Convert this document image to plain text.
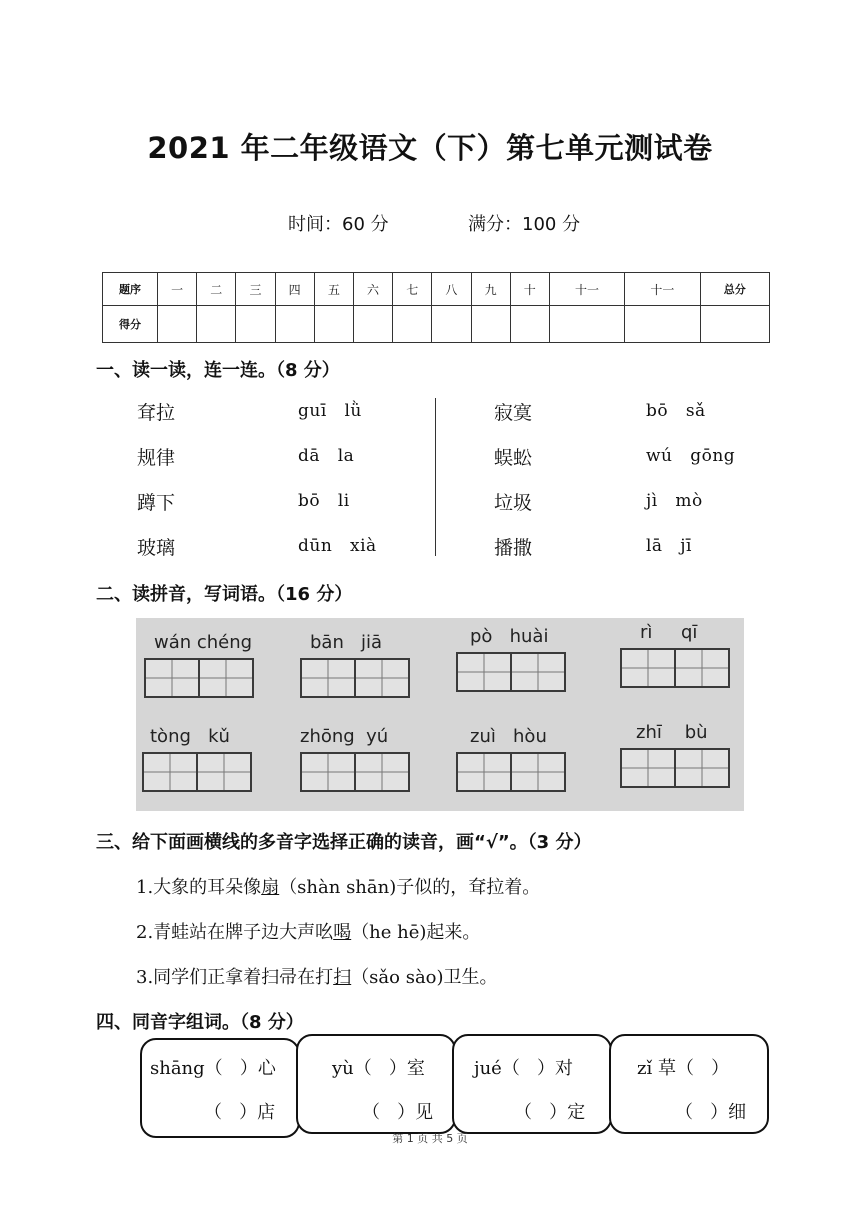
2021 年二年级语文（下）第七单元测试卷
时间：60 分	满分：100 分
题序	一	二	三	四	五	六	七	八	九	十	十一	十一	总分
得分													
一、读一读，连一连。（8 分）
耷拉	guī   lǜ
规律	dā   la
蹲下	bō   li
玻璃	dūn   xià
寂寞	bō   sǎ
蜈蚣	wú   gōng
垃圾	jì   mò
播撒	lā   jī
二、读拼音，写词语。（16 分）
wán chéng	bān   jiā	pò   huài	rì     qī
tòng   kǔ	zhōng  yú	zuì   hòu	zhī    bù
三、给下面画横线的多音字选择正确的读音，画“√”。（3 分）
1.大象的耳朵像扇（shàn shān)子似的，耷拉着。
2.青蛙站在牌子边大声吆喝（he hē)起来。
3.同学们正拿着扫帚在打扫（sǎo sào)卫生。
四、同音字组词。（8 分）
shāng（   ）心
（   ）店
yù（   ）室
（   ）见
jué（   ）对
（   ）定
zǐ 草（   ）
（   ）细
第 1 页 共 5 页
